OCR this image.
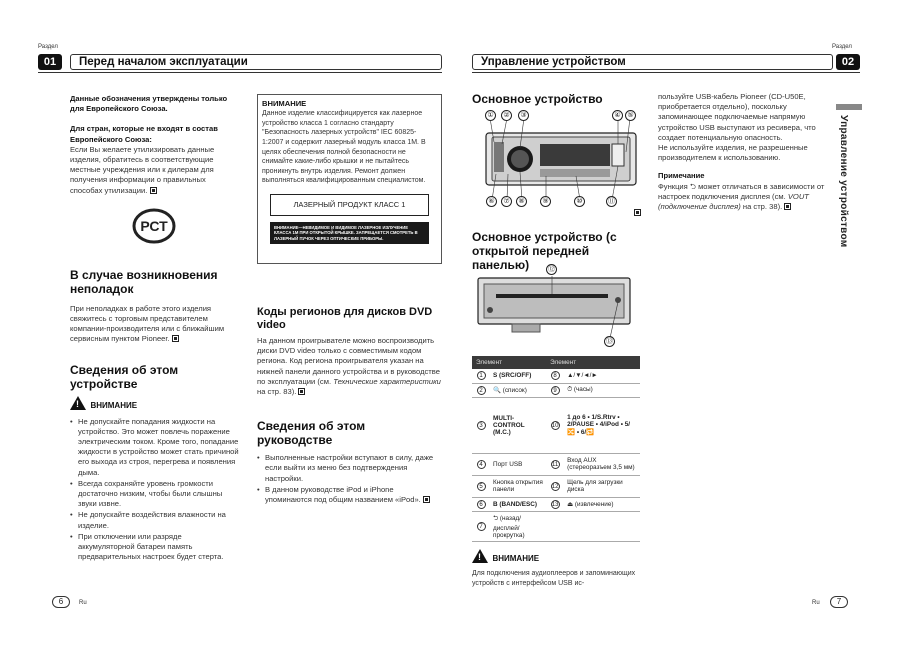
Раздел
01	Перед началом эксплуатации
Данные обозначения утверждены только для Европейского Союза.
Для стран, которые не входят в состав Европейского Союза:
Если Вы желаете утилизировать данные изделия, обратитесь в соответствующие местные учреждения или к дилерам для получения информации о правильных способах утилизации.
РСТ
В случае возникновения неполадок
При неполадках в работе этого изделия свяжитесь с торговым представителем компании-производителя или с ближайшим сервисным пунктом Pioneer.
Сведения об этом устройстве
! ВНИМАНИЕ
• Не допускайте попадания жидкости на устройство. Это может повлечь поражение электрическим током. Кроме того, попадание жидкости в устройство может стать причиной его выхода из строя, перегрева и появления дыма.
• Всегда сохраняйте уровень громкости достаточно низким, чтобы были слышны звуки извне.
• Не допускайте воздействия влажности на изделие.
• При отключении или разряде аккумуляторной батареи память предварительных настроек будет стерта.
ВНИМАНИЕ
Данное изделие классифицируется как лазерное устройство класса 1 согласно стандарту "Безопасность лазерных устройств" IEC 60825-1:2007 и содержит лазерный модуль класса 1M. В целях обеспечения полной безопасности не снимайте какие-либо крышки и не пытайтесь проникнуть внутрь изделия. Ремонт должен выполняться квалифицированным специалистом.
ЛАЗЕРНЫЙ ПРОДУКТ КЛАСС 1
ВНИМАНИЕ—НЕВИДИМОЕ И ВИДИМОЕ ЛАЗЕРНОЕ ИЗЛУЧЕНИЕ КЛАССА 1M ПРИ ОТКРЫТОЙ КРЫШКЕ. ЗАПРЕЩАЕТСЯ СМОТРЕТЬ В ЛАЗЕРНЫЙ ПУЧОК ЧЕРЕЗ ОПТИЧЕСКИЕ ПРИБОРЫ.
Коды регионов для дисков DVD video
На данном проигрывателе можно воспроизводить диски DVD video только с совместимым кодом региона. Код региона проигрывателя указан на нижней панели данного устройства и в руководстве по эксплуатации (см. Технические характеристики на стр. 83).
Сведения об этом руководстве
• Выполненные настройки вступают в силу, даже если выйти из меню без подтверждения настройки.
• В данном руководстве iPod и iPhone упоминаются под общим названием «iPod».
6	Ru
Управление устройством
Раздел
02
Управление устройством
Основное устройство
①	②	③	④ ⑤
⑥	⑦	⑧	⑨	⑩	⑪
Основное устройство (с открытой передней панелью)	⑫
⑬
Элемент		Элемент	
1	S (SRC/OFF)	8	▲/▼/◄/►
2	🔍 (список)	9	⏱ (часы)
3	MULTI-CONTROL (M.C.)	10	1 до 6 • 1/S.Rtrv • 2/PAUSE • 4/iPod • 5/🔀 • 6/🔁
4	Порт USB	11	Вход AUX (стереоразъем 3,5 мм)
5	Кнопка открытия панели	12	Щель для загрузки диска
6	B (BAND/ESC)	13	⏏ (извлечение)
7	⮌ (назад/дисплей/прокрутка)		
! ВНИМАНИЕ
Для подключения аудиоплееров и запоминающих устройств с интерфейсом USB ис-
пользуйте USB-кабель Pioneer (CD-U50E, приобретается отдельно), поскольку запоминающее подключаемые напрямую устройство USB выступают из ресивера, что создает потенциальную опасность.
Не используйте изделия, не разрешенные производителем к использованию.
Примечание
Функция ⮌ может отличаться в зависимости от настроек подключения дисплея (см. VOUT (подключение дисплея) на стр. 38).
Ru	7
